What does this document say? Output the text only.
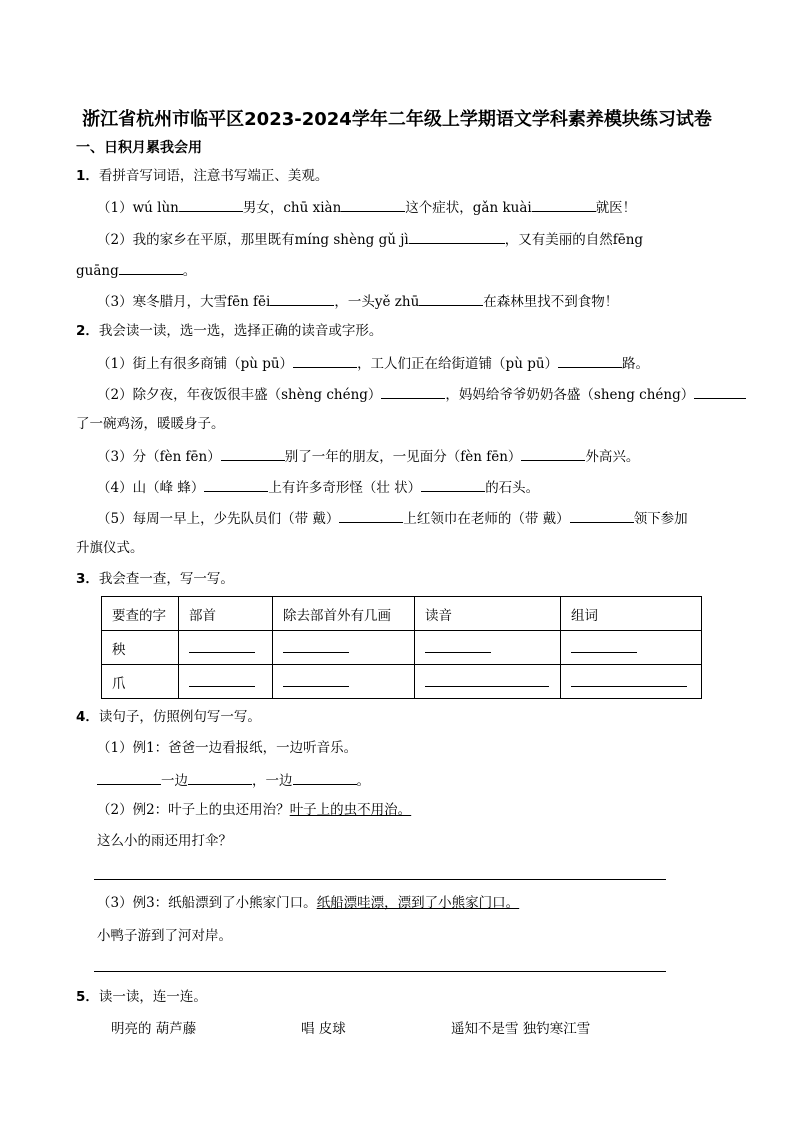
浙江省杭州市临平区2023-2024学年二年级上学期语文学科素养模块练习试卷
一、日积月累我会用
1．看拼音写词语，注意书写端正、美观。
（1）wú lùn	男女，chū xiàn	这个症状，gǎn kuài	就医！
（2）我的家乡在平原，那里既有míng shèng gǔ jì	，又有美丽的自然fēng
guāng	。
（3）寒冬腊月，大雪fēn fēi	，一头yě zhū	在森林里找不到食物！
2．我会读一读，选一选，选择正确的读音或字形。
（1）街上有很多商铺（pù pū）	，工人们正在给街道铺（pù pū）	路。
（2）除夕夜，年夜饭很丰盛（shèng chéng）	，妈妈给爷爷奶奶各盛（sheng chéng）
了一碗鸡汤，暖暖身子。
（3）分（fèn fēn）	别了一年的朋友，一见面分（fèn fēn）	外高兴。
（4）山（峰 蜂）	上有许多奇形怪（壮 状）	的石头。
（5）每周一早上，少先队员们（带 戴）	上红领巾在老师的（带 戴）	领下参加
升旗仪式。
3．我会查一查，写一写。
要查的字	部首	除去部首外有几画	读音	组词
秧				
爪				
4．读句子，仿照例句写一写。
（1）例1：爸爸一边看报纸，一边听音乐。
一边	，一边	。
（2）例2：叶子上的虫还用治？叶子上的虫不用治。
这么小的雨还用打伞？
（3）例3：纸船漂到了小熊家门口。纸船漂哇漂，漂到了小熊家门口。
小鸭子游到了河对岸。
5．读一读，连一连。
明亮的 葫芦藤	唱 皮球	遥知不是雪 独钓寒江雪
